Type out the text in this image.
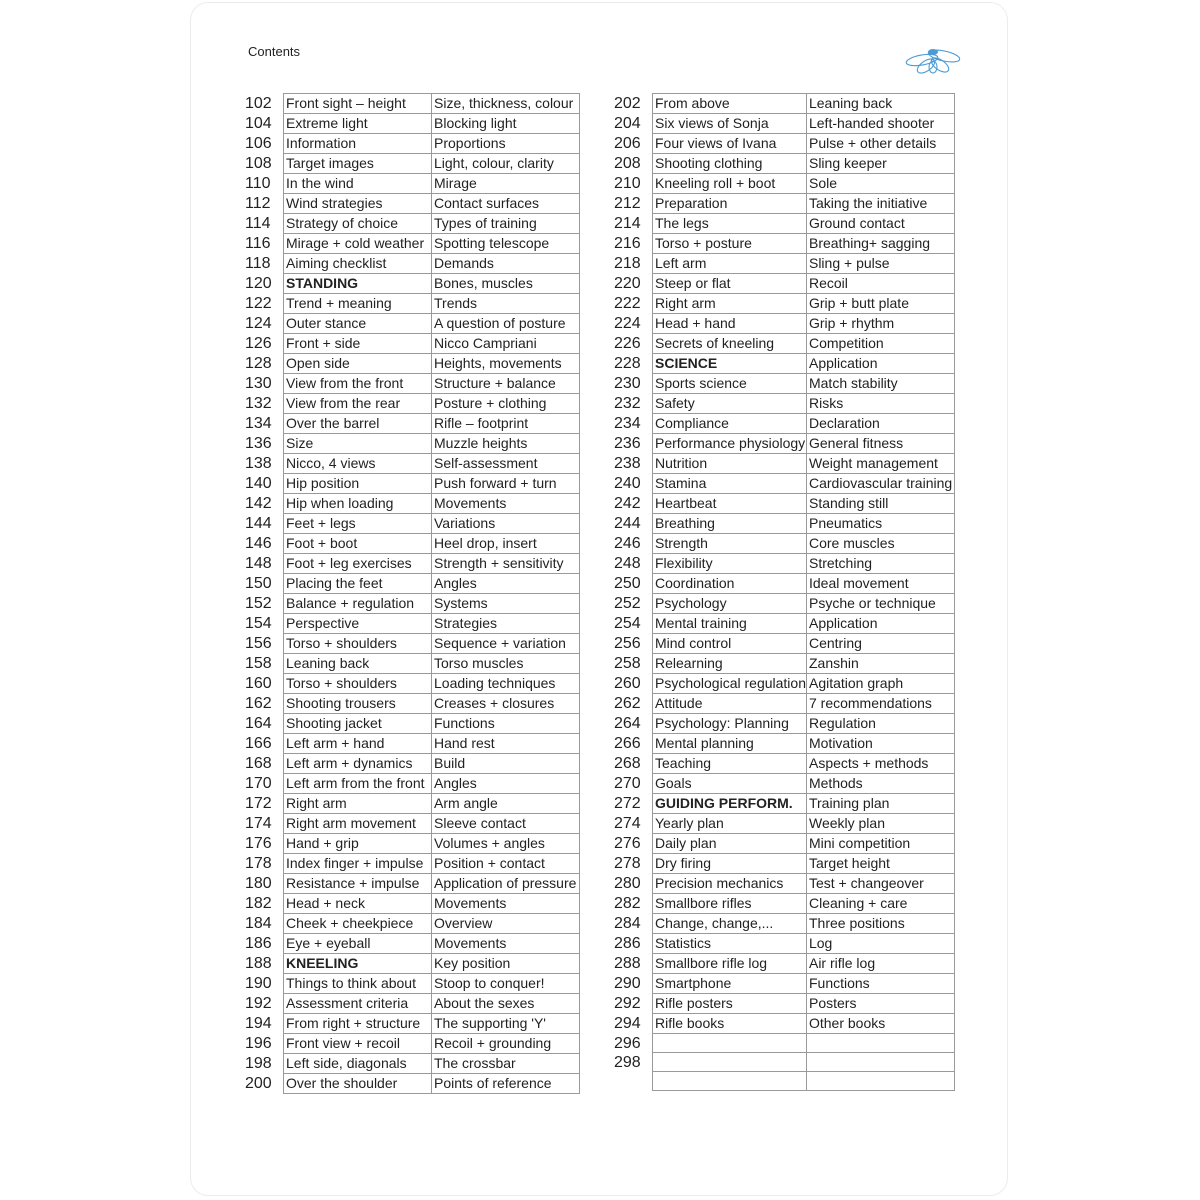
Contents
102	Front sight – height	Size, thickness, colour
104	Extreme light	Blocking light
106	Information	Proportions
108	Target images	Light, colour, clarity
110	In the wind	Mirage
112	Wind strategies	Contact surfaces
114	Strategy of choice	Types of training
116	Mirage + cold weather	Spotting telescope
118	Aiming checklist	Demands
120	STANDING	Bones, muscles
122	Trend + meaning	Trends
124	Outer stance	A question of posture
126	Front + side	Nicco Campriani
128	Open side	Heights, movements
130	View from the front	Structure + balance
132	View from the rear	Posture + clothing
134	Over the barrel	Rifle – footprint
136	Size	Muzzle heights
138	Nicco, 4 views	Self-assessment
140	Hip position	Push forward + turn
142	Hip when loading	Movements
144	Feet + legs	Variations
146	Foot + boot	Heel drop, insert
148	Foot + leg exercises	Strength + sensitivity
150	Placing the feet	Angles
152	Balance + regulation	Systems
154	Perspective	Strategies
156	Torso + shoulders	Sequence + variation
158	Leaning back	Torso muscles
160	Torso + shoulders	Loading techniques
162	Shooting trousers	Creases + closures
164	Shooting jacket	Functions
166	Left arm + hand	Hand rest
168	Left arm + dynamics	Build
170	Left arm from the front	Angles
172	Right arm	Arm angle
174	Right arm movement	Sleeve contact
176	Hand + grip	Volumes + angles
178	Index finger + impulse	Position + contact
180	Resistance + impulse	Application of pressure
182	Head + neck	Movements
184	Cheek + cheekpiece	Overview
186	Eye + eyeball	Movements
188	KNEELING	Key position
190	Things to think about	Stoop to conquer!
192	Assessment criteria	About the sexes
194	From right + structure	The supporting 'Y'
196	Front view + recoil	Recoil + grounding
198	Left side, diagonals	The crossbar
200	Over the shoulder	Points of reference
202	From above	Leaning back
204	Six views of Sonja	Left-handed shooter
206	Four views of Ivana	Pulse + other details
208	Shooting clothing	Sling keeper
210	Kneeling roll + boot	Sole
212	Preparation	Taking the initiative
214	The legs	Ground contact
216	Torso + posture	Breathing+ sagging
218	Left arm	Sling + pulse
220	Steep or flat	Recoil
222	Right arm	Grip + butt plate
224	Head + hand	Grip + rhythm
226	Secrets of kneeling	Competition
228	SCIENCE	Application
230	Sports science	Match stability
232	Safety	Risks
234	Compliance	Declaration
236	Performance physiology	General fitness
238	Nutrition	Weight management
240	Stamina	Cardiovascular training
242	Heartbeat	Standing still
244	Breathing	Pneumatics
246	Strength	Core muscles
248	Flexibility	Stretching
250	Coordination	Ideal movement
252	Psychology	Psyche or technique
254	Mental training	Application
256	Mind control	Centring
258	Relearning	Zanshin
260	Psychological regulation	Agitation graph
262	Attitude	7 recommendations
264	Psychology: Planning	Regulation
266	Mental planning	Motivation
268	Teaching	Aspects + methods
270	Goals	Methods
272	GUIDING PERFORM.	Training plan
274	Yearly plan	Weekly plan
276	Daily plan	Mini competition
278	Dry firing	Target height
280	Precision mechanics	Test + changeover
282	Smallbore rifles	Cleaning + care
284	Change, change,...	Three positions
286	Statistics	Log
288	Smallbore rifle log	Air rifle log
290	Smartphone	Functions
292	Rifle posters	Posters
294	Rifle books	Other books
296		
298		
